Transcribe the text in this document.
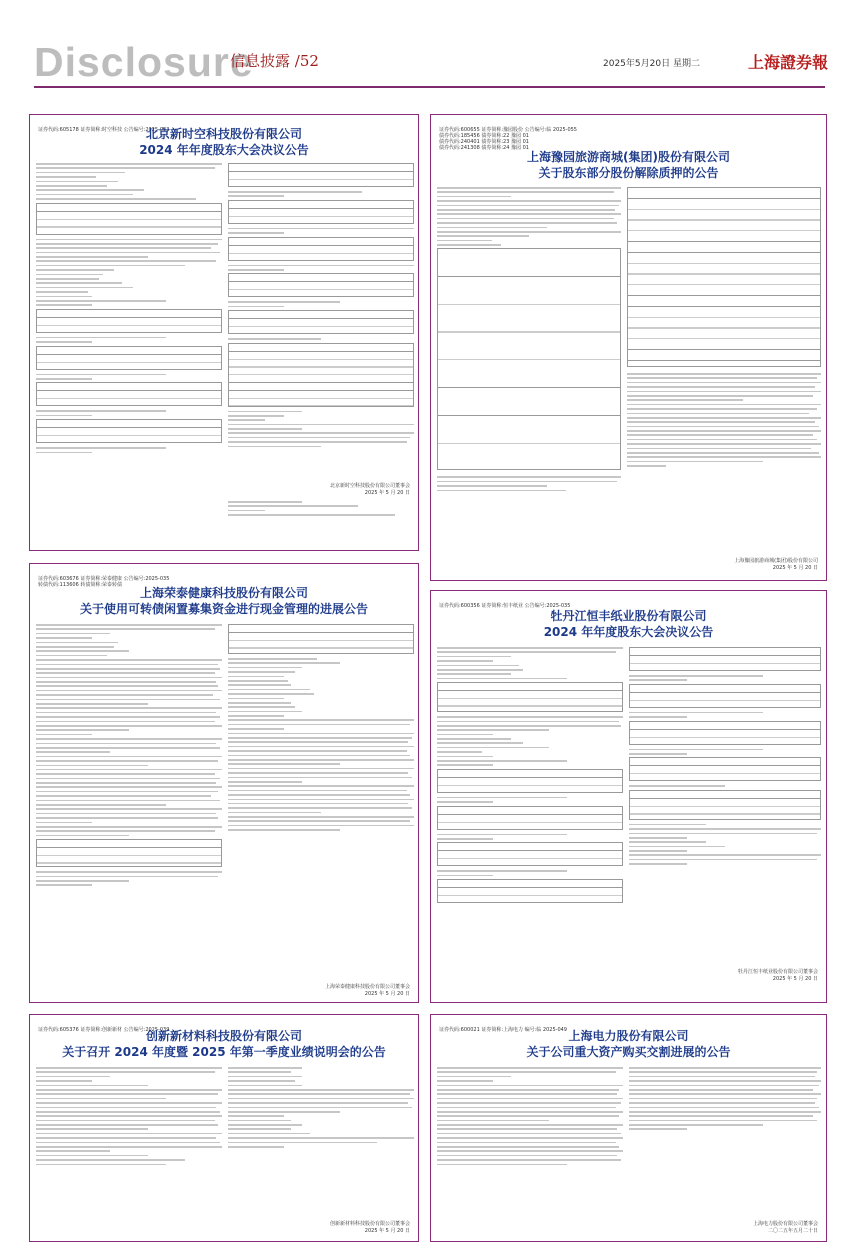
Disclosure
信息披露 /52	2025年5月20日 星期二	上海證券報
证券代码:605178 证券简称:时空科技 公告编号:2025-033
北京新时空科技股份有限公司
2024 年年度股东大会决议公告
北京新时空科技股份有限公司董事会
2025 年 5 月 20 日
证券代码:600655 证券简称:豫园股份 公告编号:临 2025-055
债券代码:185456 债券简称:22 豫园 01
债券代码:240401 债券简称:23 豫园 01
债券代码:241308 债券简称:24 豫园 01
上海豫园旅游商城(集团)股份有限公司
关于股东部分股份解除质押的公告
上海豫园旅游商城(集团)股份有限公司
2025 年 5 月 20 日
证券代码:603676 证券简称:荣泰健康 公告编号:2025-035
转债代码:113606 转债简称:荣泰转债
上海荣泰健康科技股份有限公司
关于使用可转债闲置募集资金进行现金管理的进展公告
上海荣泰健康科技股份有限公司董事会
2025 年 5 月 20 日
证券代码:600356 证券简称:恒丰纸业 公告编号:2025-035
牡丹江恒丰纸业股份有限公司
2024 年年度股东大会决议公告
牡丹江恒丰纸业股份有限公司董事会
2025 年 5 月 20 日
证券代码:605376 证券简称:创新新材 公告编号:2025-039
创新新材料科技股份有限公司
关于召开 2024 年度暨 2025 年第一季度业绩说明会的公告
创新新材料科技股份有限公司董事会
2025 年 5 月 20 日
证券代码:600021 证券简称:上海电力 编号:临 2025-049 上海电力股份有限公司
关于公司重大资产购买交割进展的公告
上海电力股份有限公司董事会
二〇二五年五月二十日
